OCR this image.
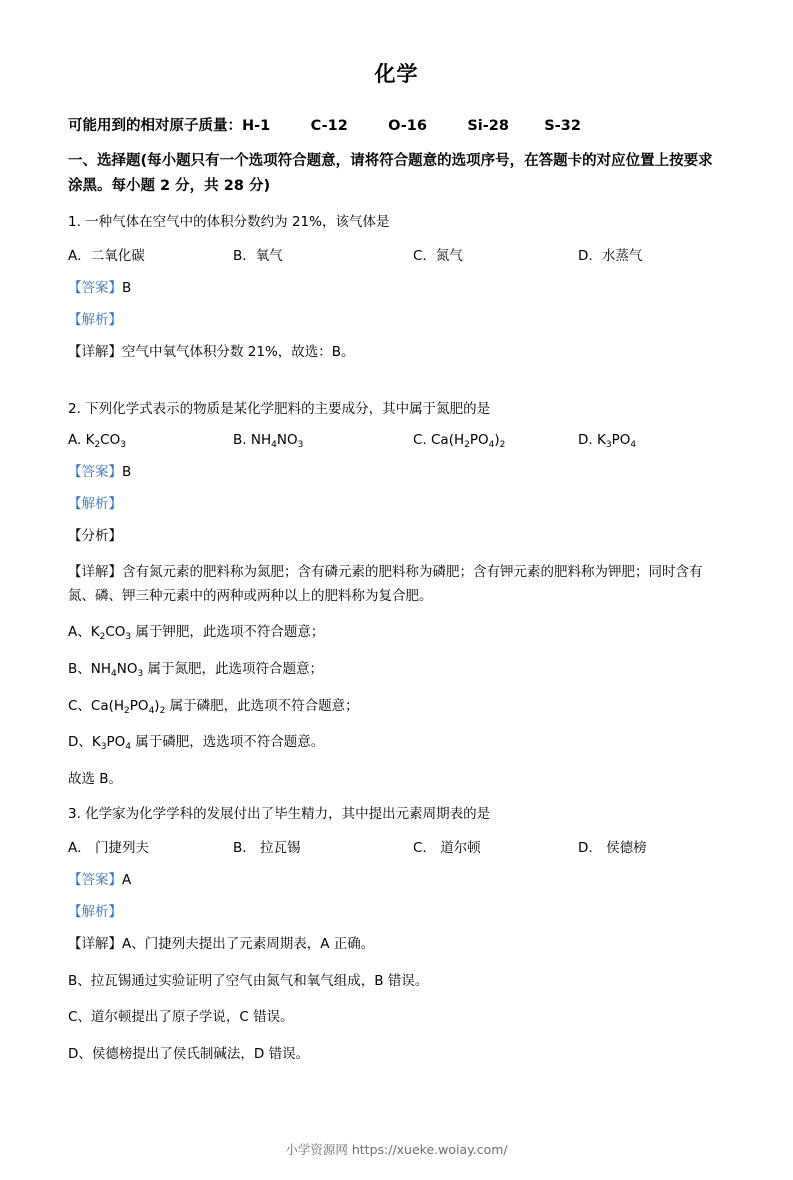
化学
可能用到的相对原子质量：H-1        C-12        O-16        Si-28       S-32
一、选择题(每小题只有一个选项符合题意，请将符合题意的选项序号，在答题卡的对应位置上按要求涂黑。每小题 2 分，共 28 分)
1. 一种气体在空气中的体积分数约为 21%，该气体是
A．二氧化碳	B．氧气	C．氮气	D．水蒸气
【答案】B
【解析】
【详解】空气中氧气体积分数 21%，故选：B。
2. 下列化学式表示的物质是某化学肥料的主要成分，其中属于氮肥的是
A. $K_2CO_3$	B. $NH_4NO_3$	C. $Ca(H_2PO_4)_2$	D. $K_3PO_4$
【答案】B
【解析】
【分析】
【详解】含有氮元素的肥料称为氮肥；含有磷元素的肥料称为磷肥；含有钾元素的肥料称为钾肥；同时含有氮、磷、钾三种元素中的两种或两种以上的肥料称为复合肥。
A、$K_2CO_3$ 属于钾肥，此选项不符合题意；
B、$NH_4NO_3$ 属于氮肥，此选项符合题意；
C、$Ca(H_2PO_4)_2$ 属于磷肥，此选项不符合题意；
D、$K_3PO_4$ 属于磷肥，选选项不符合题意。
故选 B。
3. 化学家为化学学科的发展付出了毕生精力，其中提出元素周期表的是
A． 门捷列夫	B． 拉瓦锡	C． 道尔顿	D． 侯德榜
【答案】A
【解析】
【详解】A、门捷列夫提出了元素周期表，A 正确。
B、拉瓦锡通过实验证明了空气由氮气和氧气组成，B 错误。
C、道尔顿提出了原子学说，C 错误。
D、侯德榜提出了侯氏制碱法，D 错误。
小学资源网 https://xueke.woiay.com/
